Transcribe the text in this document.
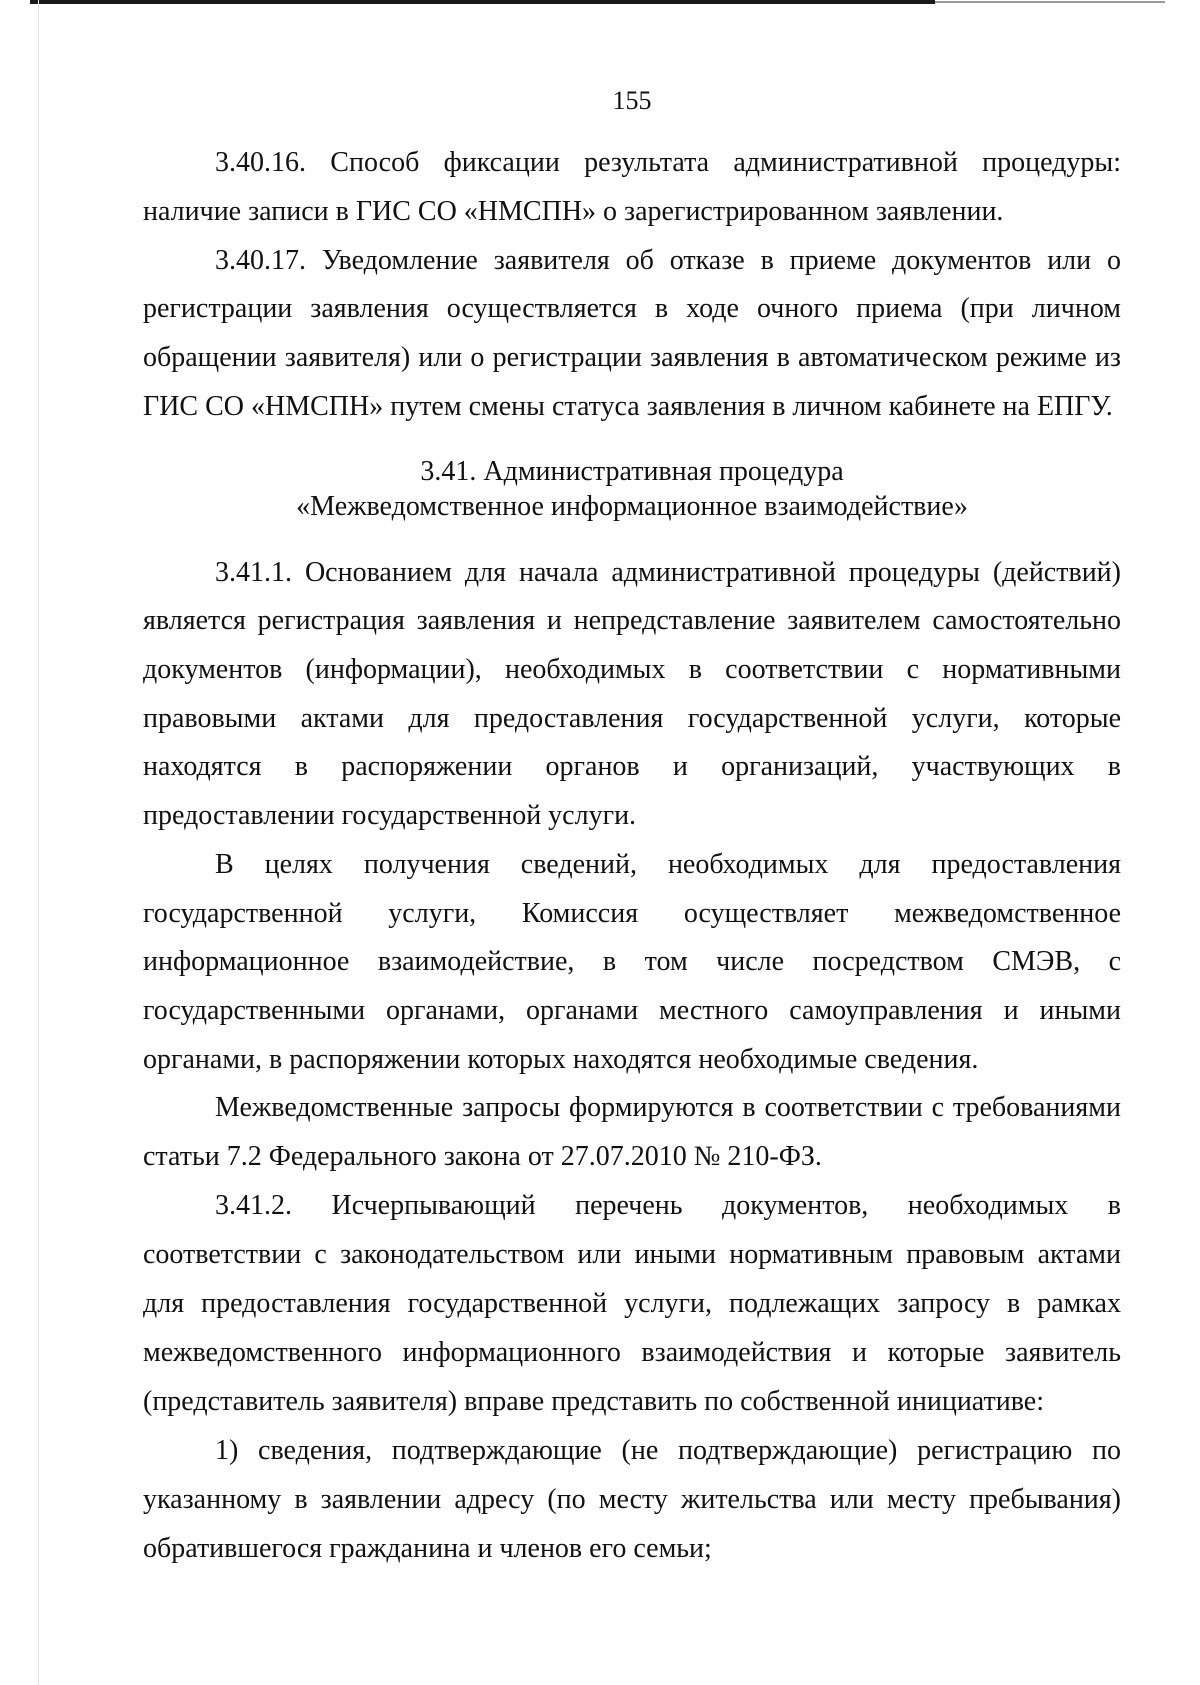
155
3.40.16. Способ фиксации результата административной процедуры:
наличие записи в ГИС СО «НМСПН» о зарегистрированном заявлении.
3.40.17. Уведомление заявителя об отказе в приеме документов или о
регистрации заявления осуществляется в ходе очного приема (при личном
обращении заявителя) или о регистрации заявления в автоматическом режиме из
ГИС СО «НМСПН» путем смены статуса заявления в личном кабинете на ЕПГУ.
3.41. Административная процедура
«Межведомственное информационное взаимодействие»
3.41.1. Основанием для начала административной процедуры (действий)
является регистрация заявления и непредставление заявителем самостоятельно
документов (информации), необходимых в соответствии с нормативными
правовыми актами для предоставления государственной услуги, которые
находятся в распоряжении органов и организаций, участвующих в
предоставлении государственной услуги.
В целях получения сведений, необходимых для предоставления
государственной услуги, Комиссия осуществляет межведомственное
информационное взаимодействие, в том числе посредством СМЭВ, с
государственными органами, органами местного самоуправления и иными
органами, в распоряжении которых находятся необходимые сведения.
Межведомственные запросы формируются в соответствии с требованиями
статьи 7.2 Федерального закона от 27.07.2010 № 210-ФЗ.
3.41.2. Исчерпывающий перечень документов, необходимых в
соответствии с законодательством или иными нормативным правовым актами
для предоставления государственной услуги, подлежащих запросу в рамках
межведомственного информационного взаимодействия и которые заявитель
(представитель заявителя) вправе представить по собственной инициативе:
1) сведения, подтверждающие (не подтверждающие) регистрацию по
указанному в заявлении адресу (по месту жительства или месту пребывания)
обратившегося гражданина и членов его семьи;
